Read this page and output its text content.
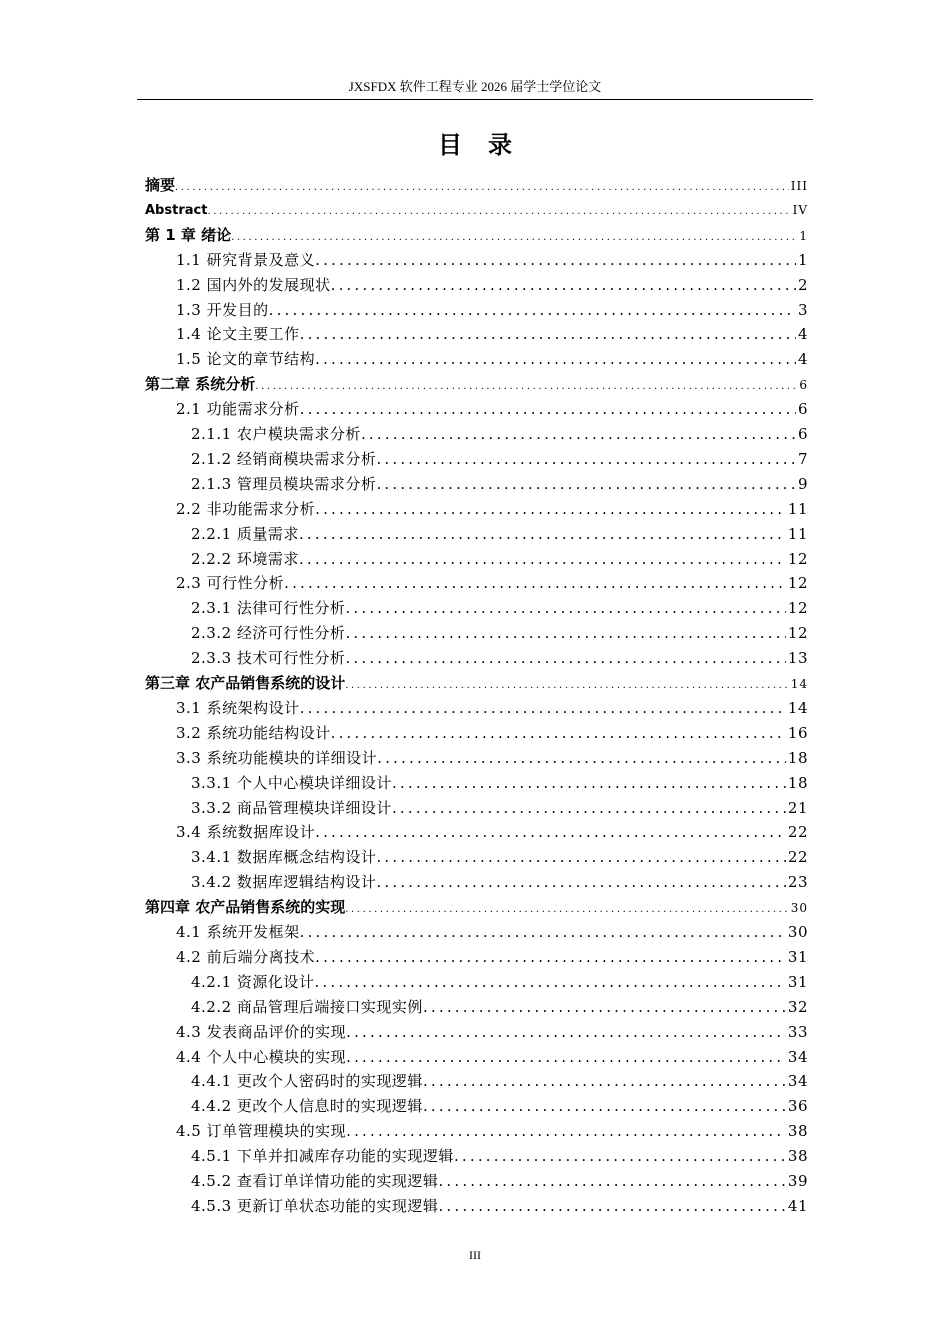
JXSFDX 软件工程专业 2026 届学士学位论文
目录
摘要 .....	III
Abstract .....	IV
第 1 章 绪论 .....	1
1.1 研究背景及意义 .....	1
1.2 国内外的发展现状 .....	2
1.3 开发目的 .....	3
1.4 论文主要工作 .....	4
1.5 论文的章节结构 .....	4
第二章 系统分析 .....	6
2.1 功能需求分析 .....	6
2.1.1 农户模块需求分析 .....	6
2.1.2 经销商模块需求分析 .....	7
2.1.3 管理员模块需求分析 .....	9
2.2 非功能需求分析 .....	11
2.2.1 质量需求 .....	11
2.2.2 环境需求 .....	12
2.3 可行性分析 .....	12
2.3.1 法律可行性分析 .....	12
2.3.2 经济可行性分析 .....	12
2.3.3 技术可行性分析 .....	13
第三章 农产品销售系统的设计 .....	14
3.1 系统架构设计 .....	14
3.2 系统功能结构设计 .....	16
3.3 系统功能模块的详细设计 .....	18
3.3.1 个人中心模块详细设计 .....	18
3.3.2 商品管理模块详细设计 .....	21
3.4 系统数据库设计 .....	22
3.4.1 数据库概念结构设计 .....	22
3.4.2 数据库逻辑结构设计 .....	23
第四章 农产品销售系统的实现 .....	30
4.1 系统开发框架 .....	30
4.2 前后端分离技术 .....	31
4.2.1 资源化设计 .....	31
4.2.2 商品管理后端接口实现实例 .....	32
4.3 发表商品评价的实现 .....	33
4.4 个人中心模块的实现 .....	34
4.4.1 更改个人密码时的实现逻辑 .....	34
4.4.2 更改个人信息时的实现逻辑 .....	36
4.5 订单管理模块的实现 .....	38
4.5.1 下单并扣减库存功能的实现逻辑 .....	38
4.5.2 查看订单详情功能的实现逻辑 .....	39
4.5.3 更新订单状态功能的实现逻辑 .....	41
III
